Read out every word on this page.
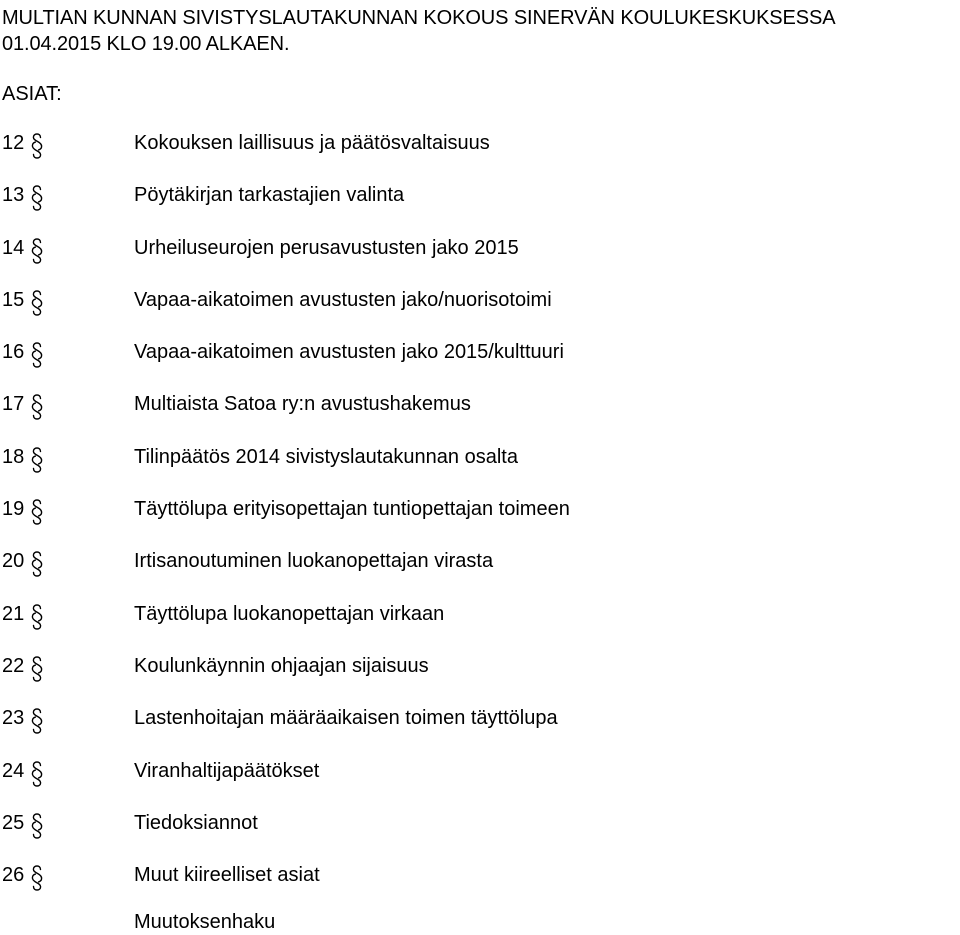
MULTIAN KUNNAN SIVISTYSLAUTAKUNNAN KOKOUS SINERVÄN KOULUKESKUKSESSA
01.04.2015 KLO 19.00 ALKAEN.
ASIAT:
12	Kokouksen laillisuus ja päätösvaltaisuus
13	Pöytäkirjan tarkastajien valinta
14	Urheiluseurojen perusavustusten jako 2015
15	Vapaa-aikatoimen avustusten jako/nuorisotoimi
16	Vapaa-aikatoimen avustusten jako 2015/kulttuuri
17	Multiaista Satoa ry:n avustushakemus
18	Tilinpäätös 2014 sivistyslautakunnan osalta
19	Täyttölupa erityisopettajan tuntiopettajan toimeen
20	Irtisanoutuminen luokanopettajan virasta
21	Täyttölupa luokanopettajan virkaan
22	Koulunkäynnin ohjaajan sijaisuus
23	Lastenhoitajan määräaikaisen toimen täyttölupa
24	Viranhaltijapäätökset
25	Tiedoksiannot
26	Muut kiireelliset asiat
Muutoksenhaku
